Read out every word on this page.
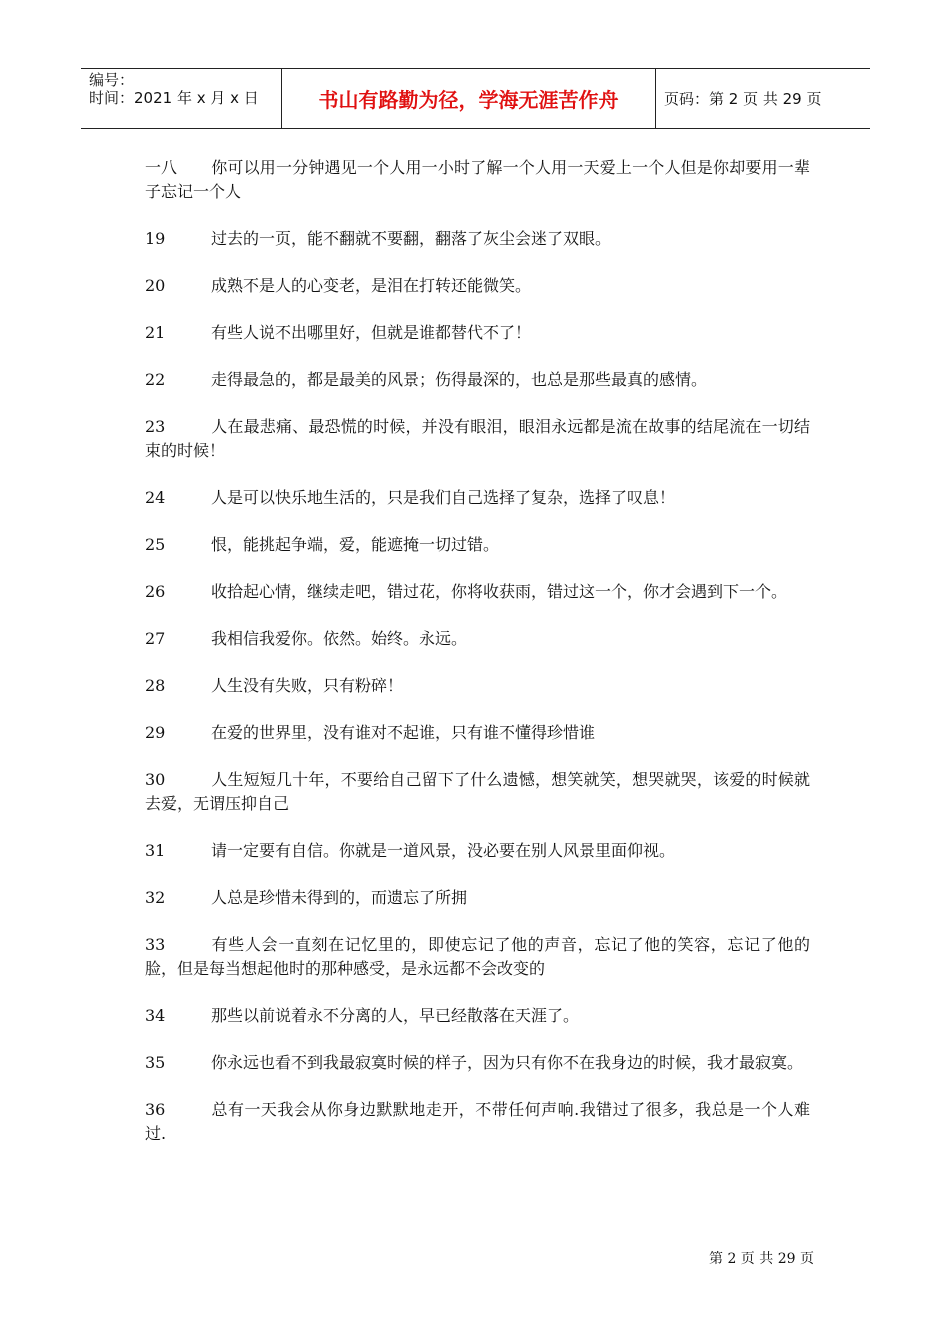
编号：
时间：2021 年 x 月 x 日	书山有路勤为径，学海无涯苦作舟	页码：第 2 页 共 29 页
一八 你可以用一分钟遇见一个人用一小时了解一个人用一天爱上一个人但是你却要用一辈子忘记一个人
19	过去的一页，能不翻就不要翻，翻落了灰尘会迷了双眼。
20	成熟不是人的心变老，是泪在打转还能微笑。
21	有些人说不出哪里好，但就是谁都替代不了！
22	走得最急的，都是最美的风景；伤得最深的，也总是那些最真的感情。
23	人在最悲痛、最恐慌的时候，并没有眼泪，眼泪永远都是流在故事的结尾流在一切结束的时候！
24	人是可以快乐地生活的，只是我们自己选择了复杂，选择了叹息！
25	恨，能挑起争端，爱，能遮掩一切过错。
26	收拾起心情，继续走吧，错过花，你将收获雨，错过这一个，你才会遇到下一个。
27	我相信我爱你。依然。始终。永远。
28	人生没有失败，只有粉碎！
29	在爱的世界里，没有谁对不起谁，只有谁不懂得珍惜谁
30	人生短短几十年，不要给自己留下了什么遗憾，想笑就笑，想哭就哭，该爱的时候就去爱，无谓压抑自己
31	请一定要有自信。你就是一道风景，没必要在别人风景里面仰视。
32	人总是珍惜未得到的，而遗忘了所拥
33	有些人会一直刻在记忆里的，即使忘记了他的声音，忘记了他的笑容，忘记了他的脸，但是每当想起他时的那种感受，是永远都不会改变的
34	那些以前说着永不分离的人，早已经散落在天涯了。
35	你永远也看不到我最寂寞时候的样子，因为只有你不在我身边的时候，我才最寂寞。
36	总有一天我会从你身边默默地走开，不带任何声响.我错过了很多，我总是一个人难过.
第 2 页 共 29 页
